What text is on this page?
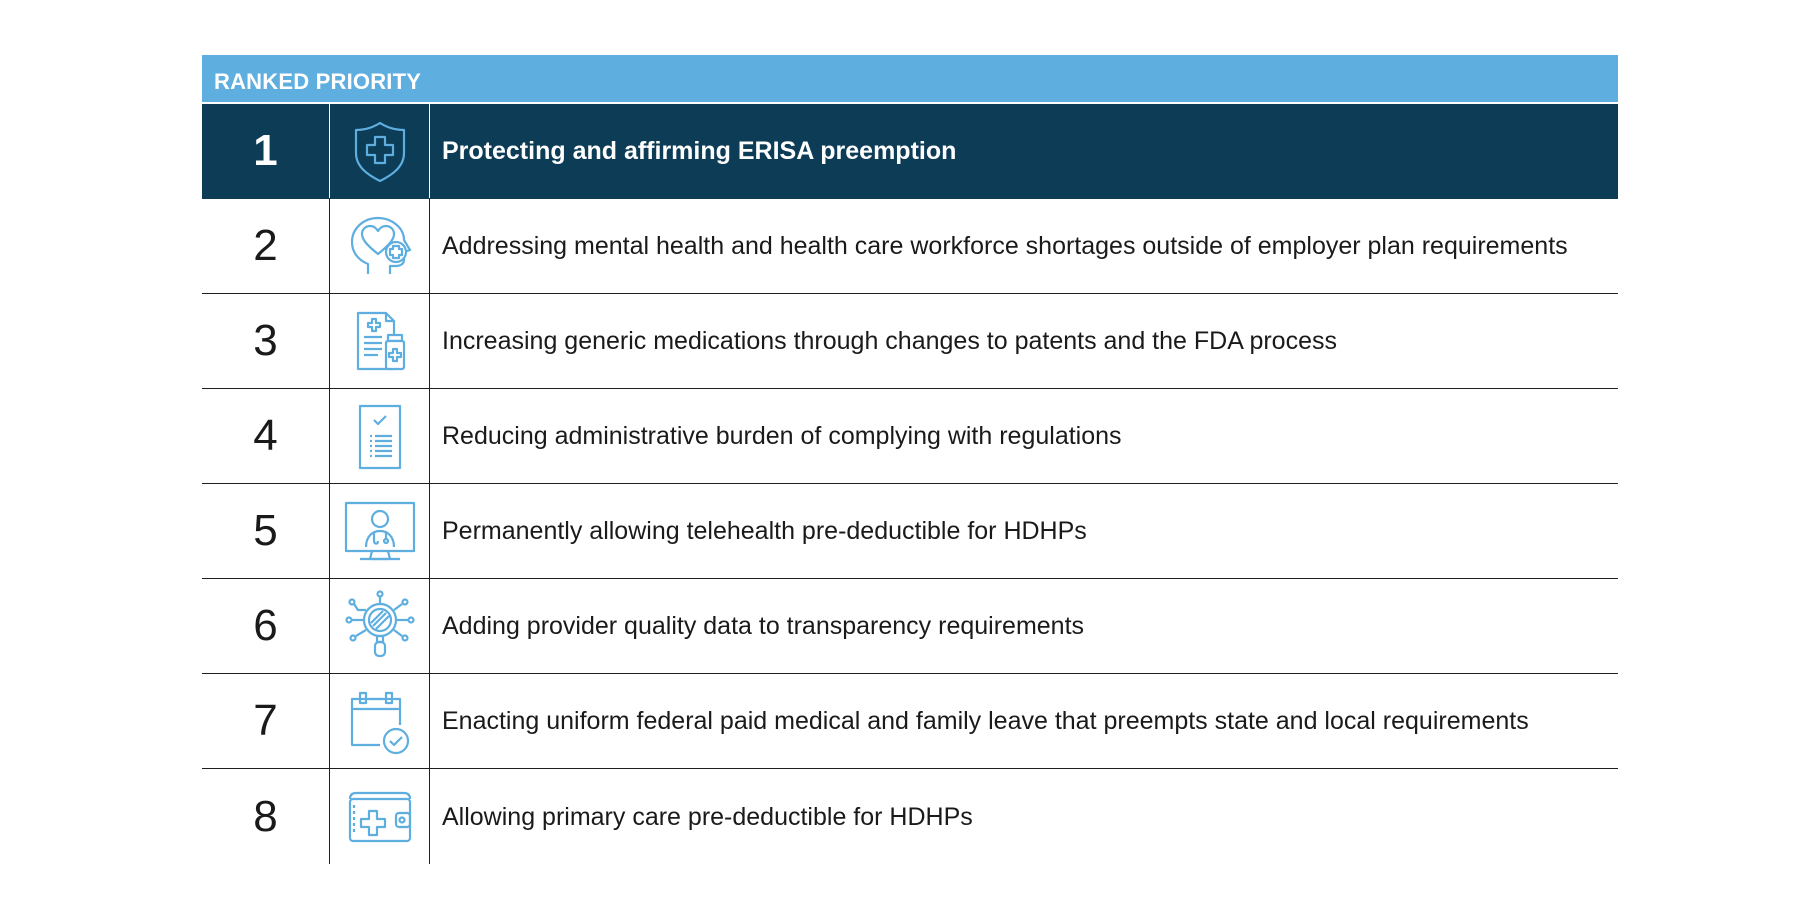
RANKED PRIORITY
1	Protecting and affirming ERISA preemption
2	Addressing mental health and health care workforce shortages outside of employer plan requirements
3	Increasing generic medications through changes to patents and the FDA process
4	Reducing administrative burden of complying with regulations
5	Permanently allowing telehealth pre-deductible for HDHPs
6	Adding provider quality data to transparency requirements
7	Enacting uniform federal paid medical and family leave that preempts state and local requirements
8	Allowing primary care pre-deductible for HDHPs
